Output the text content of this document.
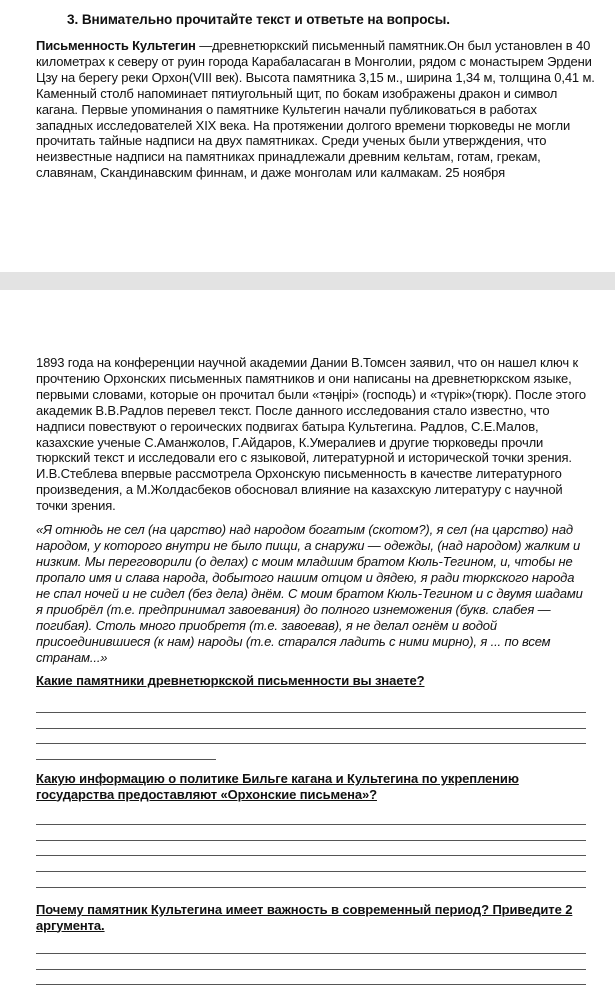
3. Внимательно прочитайте текст и ответьте на вопросы.
Письменность Культегин —древнетюркский письменный памятник.Он был установлен в 40 километрах к северу от руин города Карабаласаган в Монголии, рядом с монастырем Эрдени Цзу на берегу реки Орхон(VIII век). Высота памятника 3,15 м., ширина 1,34 м, толщина 0,41 м. Каменный столб напоминает пятиугольный щит, по бокам изображены дракон и символ кагана. Первые упоминания о памятнике Культегин начали публиковаться в работах западных исследователей XIX века. На протяжении долгого времени тюрковеды не могли прочитать тайные надписи на двух памятниках. Среди ученых были утверждения, что неизвестные надписи на памятниках принадлежали древним кельтам, готам, грекам, славянам, Скандинавским финнам, и даже монголам или калмакам. 25 ноября
1893 года на конференции научной академии Дании В.Томсен заявил, что он нашел ключ к прочтению Орхонских письменных памятников и они написаны на древнетюркском языке, первыми словами, которые он прочитал были «тәңірі» (господь) и «түрік»(тюрк). После этого академик В.В.Радлов перевел текст. После данного исследования стало известно, что надписи повествуют о героических подвигах батыра Культегина. Радлов, С.Е.Малов, казахские ученые С.Аманжолов, Г.Айдаров, К.Умералиев и другие тюркoведы прочли тюркский текст и исследовали его с языковой, литературной и исторической точки зрения. И.В.Стеблева впервые рассмотрела Орхонскую письменность в качестве литературного произведения, а М.Жолдасбеков обосновал влияние на казахскую литературу с научной точки зрения.
«Я отнюдь не сел (на царство) над народом богатым (скотом?), я сел (на царство) над народом, у которого внутри не было пищи, а снаружи — одежды, (над народом) жалким и низким. Мы переговорили (о делах) с моим младшим братом Кюль-Тегином, и, чтобы не пропало имя и слава народа, добытого нашим отцом и дядею, я ради тюркского народа не спал ночей и не сидел (без дела) днём. С моим братом Кюль-Тегином и с двумя шадами я приобрёл (т.е. предпринимал завоевания) до полного изнеможения (букв. слабея — погибая). Столь много приобретя (т.е. завоевав), я не делал огнём и водой присоединившиеся (к нам) народы (т.е. старался ладить с ними мирно), я ... по всем странам...»
Какие памятники древнетюркской письменности вы знаете?
Какую информацию о политике Бильге кагана и Культегина по укреплению государства предоставляют «Орхонские письмена»?
Почему памятник Культегина имеет важность в современный период? Приведите 2 аргумента.
